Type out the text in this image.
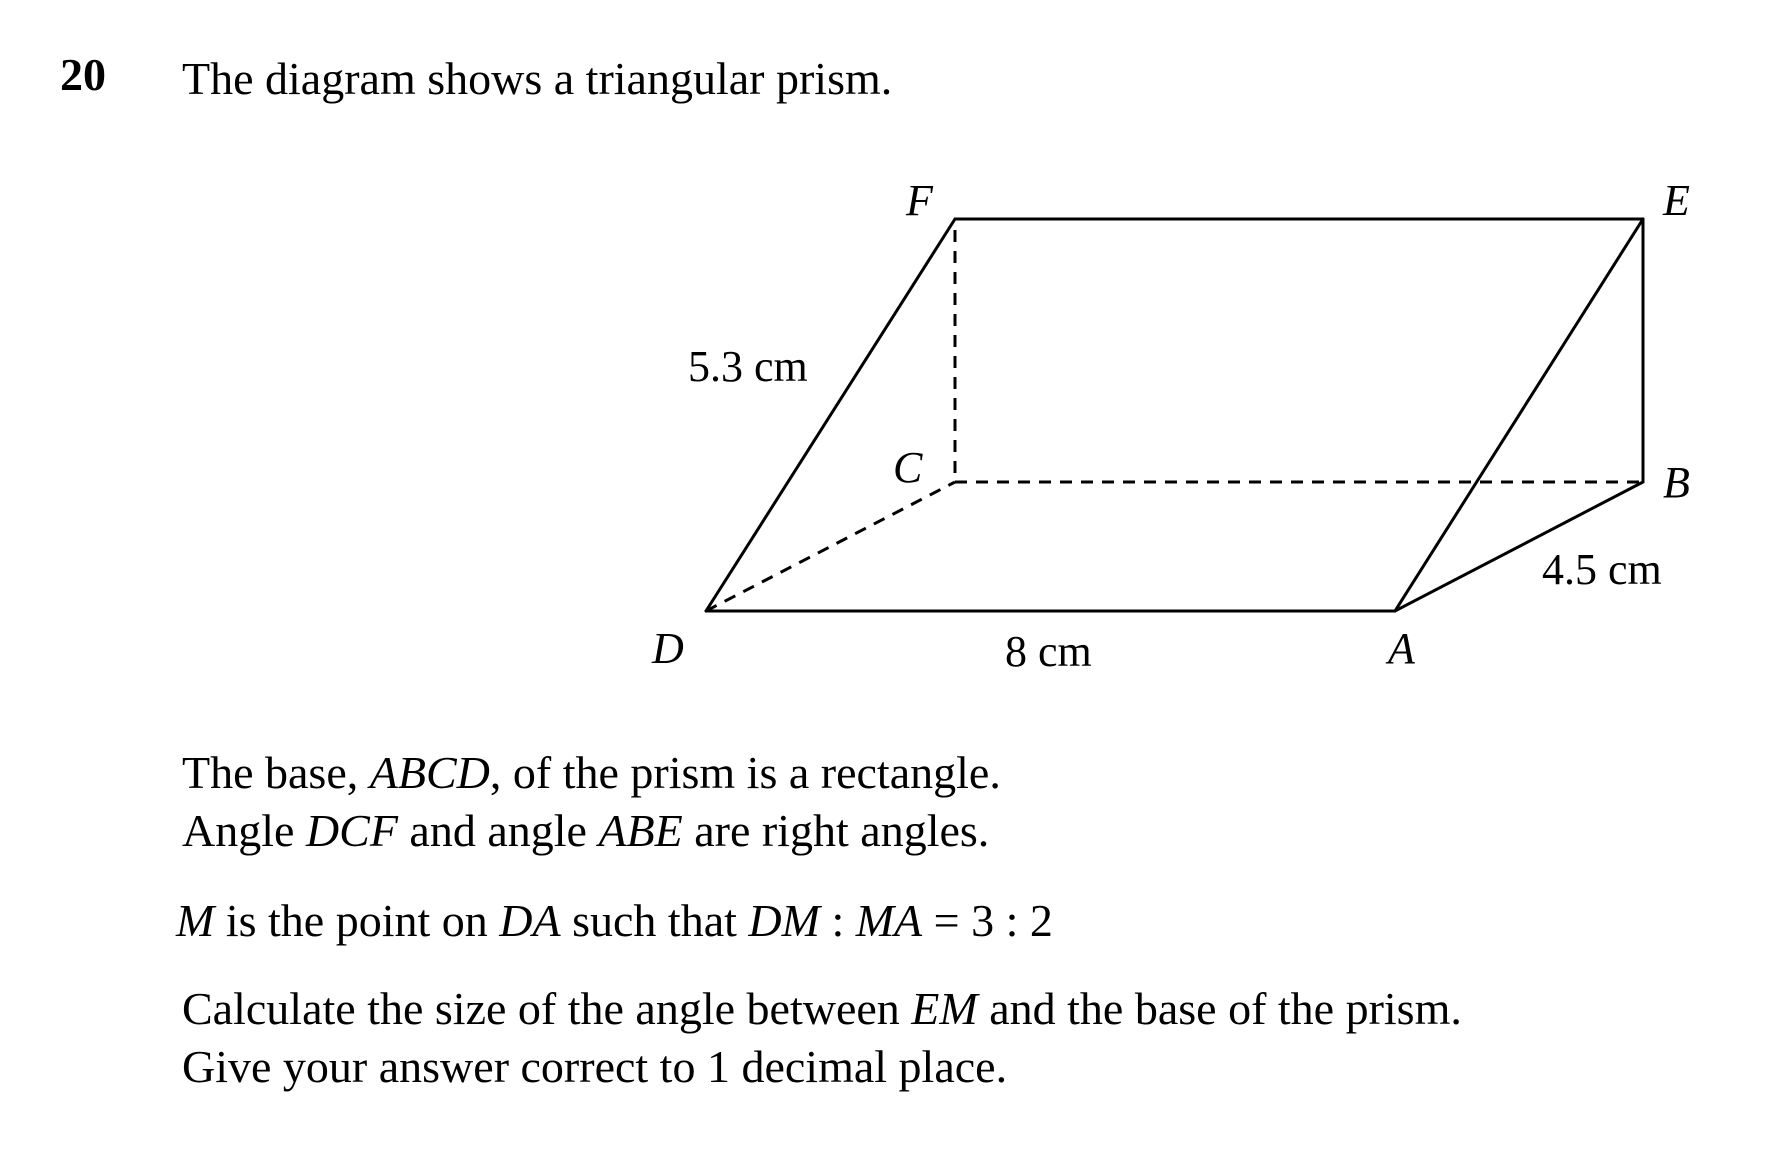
20 The diagram shows a triangular prism.
F	E
C	B
D	A
5.3 cm
8 cm
4.5 cm
The base, ABCD, of the prism is a rectangle.
Angle DCF and angle ABE are right angles.
M is the point on DA such that DM : MA = 3 : 2
Calculate the size of the angle between EM and the base of the prism.
Give your answer correct to 1 decimal place.
